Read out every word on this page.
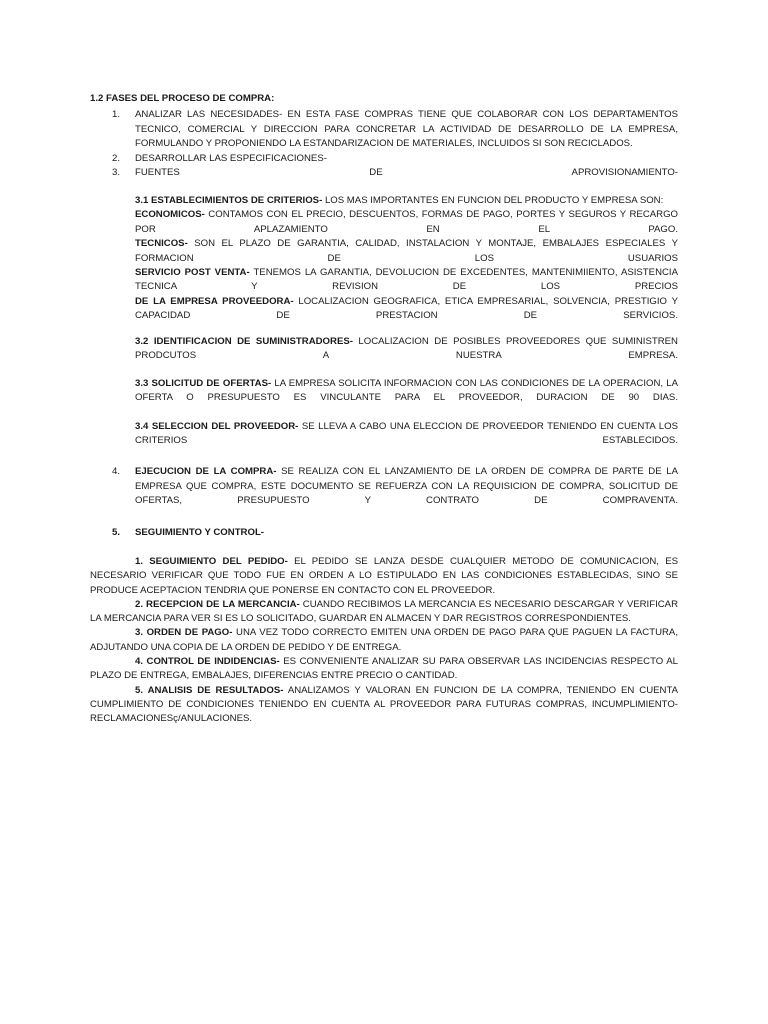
1.2 FASES DEL PROCESO DE COMPRA:
1.	ANALIZAR LAS NECESIDADES- EN ESTA FASE COMPRAS TIENE QUE COLABORAR CON LOS DEPARTAMENTOS TECNICO, COMERCIAL Y DIRECCION PARA CONCRETAR LA ACTIVIDAD DE DESARROLLO DE LA EMPRESA, FORMULANDO Y PROPONIENDO LA ESTANDARIZACION DE MATERIALES, INCLUIDOS SI SON RECICLADOS.
2.	DESARROLLAR LAS ESPECIFICACIONES-
3.	FUENTES DE APROVISIONAMIENTO-

3.1 ESTABLECIMIENTOS DE CRITERIOS- LOS MAS IMPORTANTES EN FUNCION DEL PRODUCTO Y EMPRESA SON:

ECONOMICOS- CONTAMOS CON EL PRECIO, DESCUENTOS, FORMAS DE PAGO, PORTES Y SEGUROS Y RECARGO POR APLAZAMIENTO EN EL PAGO.

TECNICOS- SON EL PLAZO DE GARANTIA, CALIDAD, INSTALACION Y MONTAJE, EMBALAJES ESPECIALES Y FORMACION DE LOS USUARIOS

SERVICIO POST VENTA- TENEMOS LA GARANTIA, DEVOLUCION DE EXCEDENTES, MANTENIMIIENTO, ASISTENCIA TECNICA Y REVISION DE LOS PRECIOS

DE LA EMPRESA PROVEEDORA- LOCALIZACION GEOGRAFICA, ETICA EMPRESARIAL, SOLVENCIA, PRESTIGIO Y CAPACIDAD DE PRESTACION DE SERVICIOS.

3.2 IDENTIFICACION DE SUMINISTRADORES- LOCALIZACION DE POSIBLES PROVEEDORES QUE SUMINISTREN PRODCUTOS A NUESTRA EMPRESA.

3.3 SOLICITUD DE OFERTAS- LA EMPRESA SOLICITA INFORMACION CON LAS CONDICIONES DE LA OPERACION, LA OFERTA O PRESUPUESTO ES VINCULANTE PARA EL PROVEEDOR, DURACION DE 90 DIAS.

3.4 SELECCION DEL PROVEEDOR- SE LLEVA A CABO UNA ELECCION DE PROVEEDOR TENIENDO EN CUENTA LOS CRITERIOS ESTABLECIDOS.

4.	EJECUCION DE LA COMPRA- SE REALIZA CON EL LANZAMIENTO DE LA ORDEN DE COMPRA DE PARTE DE LA EMPRESA QUE COMPRA, ESTE DOCUMENTO SE REFUERZA CON LA REQUISICION DE COMPRA, SOLICITUD DE OFERTAS, PRESUPUESTO Y CONTRATO DE COMPRAVENTA.
5.	SEGUIMIENTO Y CONTROL-

1. SEGUIMIENTO DEL PEDIDO- EL PEDIDO SE LANZA DESDE CUALQUIER METODO DE COMUNICACION, ES NECESARIO VERIFICAR QUE TODO FUE EN ORDEN A LO ESTIPULADO EN LAS CONDICIONES ESTABLECIDAS, SINO SE PRODUCE ACEPTACION TENDRIA QUE PONERSE EN CONTACTO CON EL PROVEEDOR.

2. RECEPCION DE LA MERCANCIA- CUANDO RECIBIMOS LA MERCANCIA ES NECESARIO DESCARGAR Y VERIFICAR LA MERCANCIA PARA VER SI ES LO SOLICITADO, GUARDAR EN ALMACEN Y DAR REGISTROS CORRESPONDIENTES.

3. ORDEN DE PAGO- UNA VEZ TODO CORRECTO EMITEN UNA ORDEN DE PAGO PARA QUE PAGUEN LA FACTURA, ADJUTANDO UNA COPIA DE LA ORDEN DE PEDIDO Y DE ENTREGA.

4. CONTROL DE INDIDENCIAS- ES CONVENIENTE ANALIZAR SU PARA OBSERVAR LAS INCIDENCIAS RESPECTO AL PLAZO DE ENTREGA, EMBALAJES, DIFERENCIAS ENTRE PRECIO O CANTIDAD.

5. ANALISIS DE RESULTADOS- ANALIZAMOS Y VALORAN EN FUNCION DE LA COMPRA, TENIENDO EN CUENTA CUMPLIMIENTO DE CONDICIONES TENIENDO EN CUENTA AL PROVEEDOR PARA FUTURAS COMPRAS, INCUMPLIMIENTO-RECLAMACIONESç/ANULACIONES.
